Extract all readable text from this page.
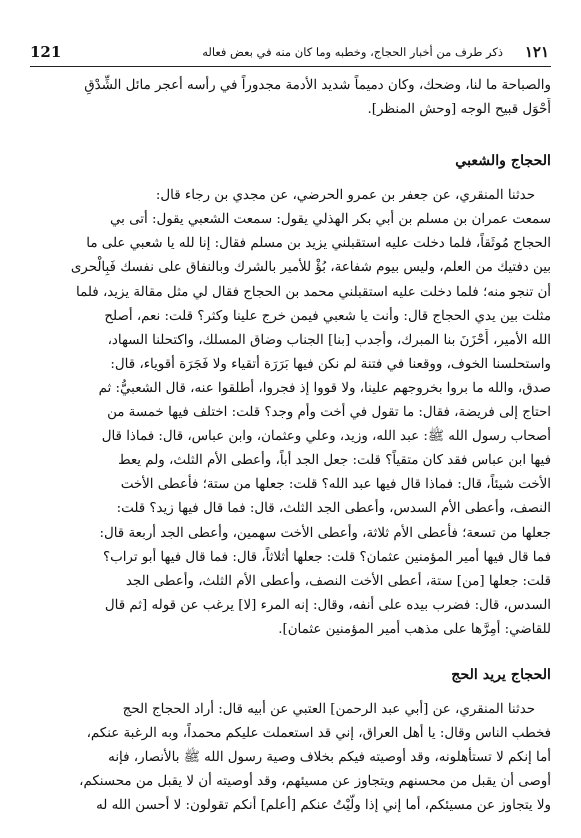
١٢١
ذكر طرف من أخبار الحجاج، وخطبه وما كان منه في بعض فعاله
121

والصباحة ما لنا، وضحك، وكان دميماً شديد الأدمة مجدوراً في رأسه أعجر مائل الشِّدْقِ

أَحْوَل قبيح الوجه [وحش المنظر].

الحجاج والشعبي

حدثنا المنقري، عن جعفر بن عمرو الحرضي، عن مجدي بن رجاء قال:

سمعت عمران بن مسلم بن أبي بكر الهذلي يقول: سمعت الشعبي يقول: أتى بي

الحجاج مُوثَقاً، فلما دخلت عليه استقبلني يزيد بن مسلم فقال: إنا لله يا شعبي على ما

بين دفتيك من العلم، وليس بيوم شفاعة، بُؤْ للأمير بالشرك وبالنفاق على نفسك فَبِالْحرى

أن تنجو منه؛ فلما دخلت عليه استقبلني محمد بن الحجاج فقال لي مثل مقالة يزيد، فلما

مثلت بين يدي الحجاج قال: وأنت يا شعبي فيمن خرج علينا وكثر؟ قلت: نعم، أصلح

الله الأمير، أَحْزَنَ بنا المبرك، وأجدب [بنا] الجناب وضاق المسلك، واكتحلنا السهاد،

واستحلسنا الخوف، ووقعنا في فتنة لم نكن فيها بَرَرَة أتقياء ولا فَجَرَة أقوياء، قال:

صدق، والله ما بروا بخروجهم علينا، ولا قووا إذ فجروا، أطلقوا عنه، قال الشعبيُّ: ثم

احتاج إلى فريضة، فقال: ما تقول في أخت وأم وجد؟ قلت: اختلف فيها خمسة من

أصحاب رسول الله ﷺ: عبد الله، وزيد، وعلي وعثمان، وابن عباس، قال: فماذا قال

فيها ابن عباس فقد كان متقياً؟ قلت: جعل الجد أباً، وأعطى الأم الثلث، ولم يعط

الأخت شيئاً، قال: فماذا قال فيها عبد الله؟ قلت: جعلها من ستة؛ فأعطى الأخت

النصف، وأعطى الأم السدس، وأعطى الجد الثلث، قال: فما قال فيها زيد؟ قلت:

جعلها من تسعة؛ فأعطى الأم ثلاثة، وأعطى الأخت سهمين، وأعطى الجد أربعة قال:

فما قال فيها أمير المؤمنين عثمان؟ قلت: جعلها أثلاثاً، قال: فما قال فيها أبو تراب؟

قلت: جعلها [من] ستة، أعطى الأخت النصف، وأعطى الأم الثلث، وأعطى الجد

السدس، قال: فضرب بيده على أنفه، وقال: إنه المرء [لا] يرغب عن قوله [ثم قال

للقاضي: أمِرَّها على مذهب أمير المؤمنين عثمان].

الحجاج يريد الحج

حدثنا المنقري، عن [أبي عبد الرحمن] العتبي عن أبيه قال: أراد الحجاج الحج

فخطب الناس وقال: يا أهل العراق، إني قد استعملت عليكم محمداً، وبه الرغبة عنكم،

أما إنكم لا تستأهلونه، وقد أوصيته فيكم بخلاف وصية رسول الله ﷺ بالأنصار، فإنه

أوصى أن يقبل من محسنهم ويتجاوز عن مسيئهم، وقد أوصيته أن لا يقبل من محسنكم،

ولا يتجاوز عن مسيئكم، أما إني إذا ولَّيْتُ عنكم [أعلم] أنكم تقولون: لا أحسن الله له
